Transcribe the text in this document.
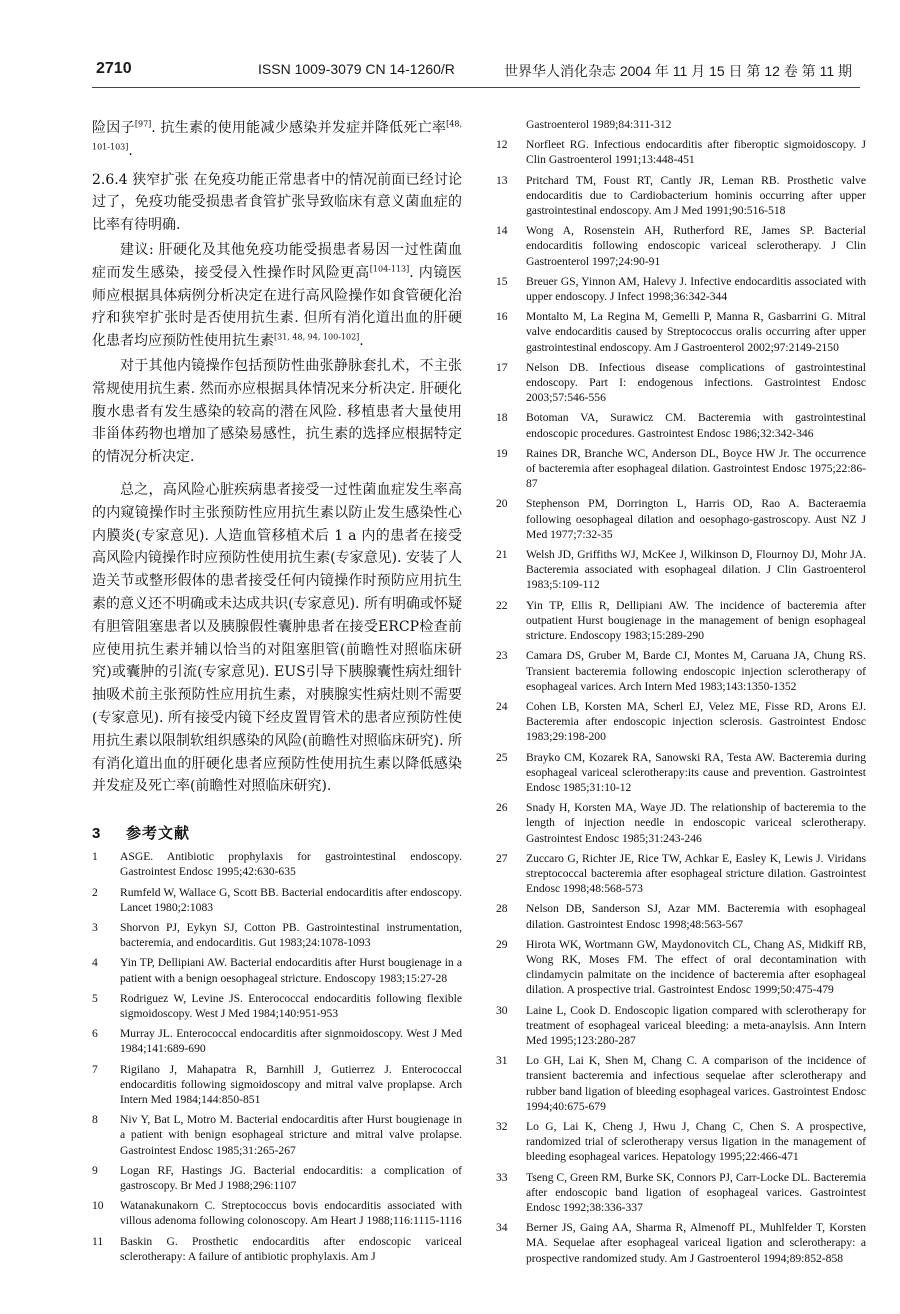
2710	ISSN 1009-3079 CN 14-1260/R	世界华人消化杂志 2004 年 11 月 15 日 第 12 卷 第 11 期

险因子[97]. 抗生素的使用能减少感染并发症并降低死亡率[48, 101-103].

2.6.4 狭窄扩张 在免疫功能正常患者中的情况前面已经讨论过了，免疫功能受损患者食管扩张导致临床有意义菌血症的比率有待明确.

建议: 肝硬化及其他免疫功能受损患者易因一过性菌血症而发生感染，接受侵入性操作时风险更高[104-113]. 内镜医师应根据具体病例分析决定在进行高风险操作如食管硬化治疗和狭窄扩张时是否使用抗生素. 但所有消化道出血的肝硬化患者均应预防性使用抗生素[31, 48, 94, 100-102].

对于其他内镜操作包括预防性曲张静脉套扎术，不主张常规使用抗生素. 然而亦应根据具体情况来分析决定. 肝硬化腹水患者有发生感染的较高的潜在风险. 移植患者大量使用非甾体药物也增加了感染易感性，抗生素的选择应根据特定的情况分析决定.

总之，高风险心脏疾病患者接受一过性菌血症发生率高的内窥镜操作时主张预防性应用抗生素以防止发生感染性心内膜炎(专家意见). 人造血管移植术后 1 a 内的患者在接受高风险内镜操作时应预防性使用抗生素(专家意见). 安装了人造关节或整形假体的患者接受任何内镜操作时预防应用抗生素的意义还不明确或未达成共识(专家意见). 所有明确或怀疑有胆管阻塞患者以及胰腺假性囊肿患者在接受ERCP检查前应使用抗生素并辅以恰当的对阻塞胆管(前瞻性对照临床研究)或囊肿的引流(专家意见). EUS引导下胰腺囊性病灶细针抽吸术前主张预防性应用抗生素，对胰腺实性病灶则不需要(专家意见). 所有接受内镜下经皮置胃管术的患者应预防性使用抗生素以限制软组织感染的风险(前瞻性对照临床研究). 所有消化道出血的肝硬化患者应预防性使用抗生素以降低感染并发症及死亡率(前瞻性对照临床研究).

3 参考文献
1	ASGE. Antibiotic prophylaxis for gastrointestinal endoscopy. Gastrointest Endosc 1995;42:630-635
2	Rumfeld W, Wallace G, Scott BB. Bacterial endocarditis after endoscopy. Lancet 1980;2:1083
3	Shorvon PJ, Eykyn SJ, Cotton PB. Gastrointestinal instrumentation, bacteremia, and endocarditis. Gut 1983;24:1078-1093
4	Yin TP, Dellipiani AW. Bacterial endocarditis after Hurst bougienage in a patient with a benign oesophageal stricture. Endoscopy 1983;15:27-28
5	Rodriguez W, Levine JS. Enterococcal endocarditis following flexible sigmoidoscopy. West J Med 1984;140:951-953
6	Murray JL. Enterococcal endocarditis after signmoidoscopy. West J Med 1984;141:689-690
7	Rigilano J, Mahapatra R, Barnhill J, Gutierrez J. Enterococcal endocarditis following sigmoidoscopy and mitral valve proplapse. Arch Intern Med 1984;144:850-851
8	Niv Y, Bat L, Motro M. Bacterial endocarditis after Hurst bougienage in a patient with benign esophageal stricture and mitral valve prolapse. Gastrointest Endosc 1985;31:265-267
9	Logan RF, Hastings JG. Bacterial endocarditis: a complication of gastroscopy. Br Med J 1988;296:1107
10	Watanakunakorn C. Streptococcus bovis endocarditis associated with villous adenoma following colonoscopy. Am Heart J 1988;116:1115-1116
11	Baskin G. Prosthetic endocarditis after endoscopic variceal sclerotherapy: A failure of antibiotic prophylaxis. Am J
Gastroenterol 1989;84:311-312
12	Norfleet RG. Infectious endocarditis after fiberoptic sigmoidoscopy. J Clin Gastroenterol 1991;13:448-451
13	Pritchard TM, Foust RT, Cantly JR, Leman RB. Prosthetic valve endocarditis due to Cardiobacterium hominis occurring after upper gastrointestinal endoscopy. Am J Med 1991;90:516-518
14	Wong A, Rosenstein AH, Rutherford RE, James SP. Bacterial endocarditis following endoscopic variceal sclerotherapy. J Clin Gastroenterol 1997;24:90-91
15	Breuer GS, Yinnon AM, Halevy J. Infective endocarditis associated with upper endoscopy. J Infect 1998;36:342-344
16	Montalto M, La Regina M, Gemelli P, Manna R, Gasbarrini G. Mitral valve endocarditis caused by Streptococcus oralis occurring after upper gastrointestinal endoscopy. Am J Gastroenterol 2002;97:2149-2150
17	Nelson DB. Infectious disease complications of gastrointestinal endoscopy. Part I: endogenous infections. Gastrointest Endosc 2003;57:546-556
18	Botoman VA, Surawicz CM. Bacteremia with gastrointestinal endoscopic procedures. Gastrointest Endosc 1986;32:342-346
19	Raines DR, Branche WC, Anderson DL, Boyce HW Jr. The occurrence of bacteremia after esophageal dilation. Gastrointest Endosc 1975;22:86-87
20	Stephenson PM, Dorrington L, Harris OD, Rao A. Bacteraemia following oesophageal dilation and oesophago-gastroscopy. Aust NZ J Med 1977;7:32-35
21	Welsh JD, Griffiths WJ, McKee J, Wilkinson D, Flournoy DJ, Mohr JA. Bacteremia associated with esophageal dilation. J Clin Gastroenterol 1983;5:109-112
22	Yin TP, Ellis R, Dellipiani AW. The incidence of bacteremia after outpatient Hurst bougienage in the management of benign esophageal stricture. Endoscopy 1983;15:289-290
23	Camara DS, Gruber M, Barde CJ, Montes M, Caruana JA, Chung RS. Transient bacteremia following endoscopic injection sclerotherapy of esophageal varices. Arch Intern Med 1983;143:1350-1352
24	Cohen LB, Korsten MA, Scherl EJ, Velez ME, Fisse RD, Arons EJ. Bacteremia after endoscopic injection sclerosis. Gastrointest Endosc 1983;29:198-200
25	Brayko CM, Kozarek RA, Sanowski RA, Testa AW. Bacteremia during esophageal variceal sclerotherapy:its cause and prevention. Gastrointest Endosc 1985;31:10-12
26	Snady H, Korsten MA, Waye JD. The relationship of bacteremia to the length of injection needle in endoscopic variceal sclerotherapy. Gastrointest Endosc 1985;31:243-246
27	Zuccaro G, Richter JE, Rice TW, Achkar E, Easley K, Lewis J. Viridans streptococcal bacteremia after esophageal stricture dilation. Gastrointest Endosc 1998;48:568-573
28	Nelson DB, Sanderson SJ, Azar MM. Bacteremia with esophageal dilation. Gastrointest Endosc 1998;48:563-567
29	Hirota WK, Wortmann GW, Maydonovitch CL, Chang AS, Midkiff RB, Wong RK, Moses FM. The effect of oral decontamination with clindamycin palmitate on the incidence of bacteremia after esophageal dilation. A prospective trial. Gastrointest Endosc 1999;50:475-479
30	Laine L, Cook D. Endoscopic ligation compared with sclerotherapy for treatment of esophageal variceal bleeding: a meta-anaylsis. Ann Intern Med 1995;123:280-287
31	Lo GH, Lai K, Shen M, Chang C. A comparison of the incidence of transient bacteremia and infectious sequelae after sclerotherapy and rubber band ligation of bleeding esophageal varices. Gastrointest Endosc 1994;40:675-679
32	Lo G, Lai K, Cheng J, Hwu J, Chang C, Chen S. A prospective, randomized trial of sclerotherapy versus ligation in the management of bleeding esophageal varices. Hepatology 1995;22:466-471
33	Tseng C, Green RM, Burke SK, Connors PJ, Carr-Locke DL. Bacteremia after endoscopic band ligation of esophageal varices. Gastrointest Endosc 1992;38:336-337
34	Berner JS, Gaing AA, Sharma R, Almenoff PL, Muhlfelder T, Korsten MA. Sequelae after esophageal variceal ligation and sclerotherapy: a prospective randomized study. Am J Gastroenterol 1994;89:852-858
